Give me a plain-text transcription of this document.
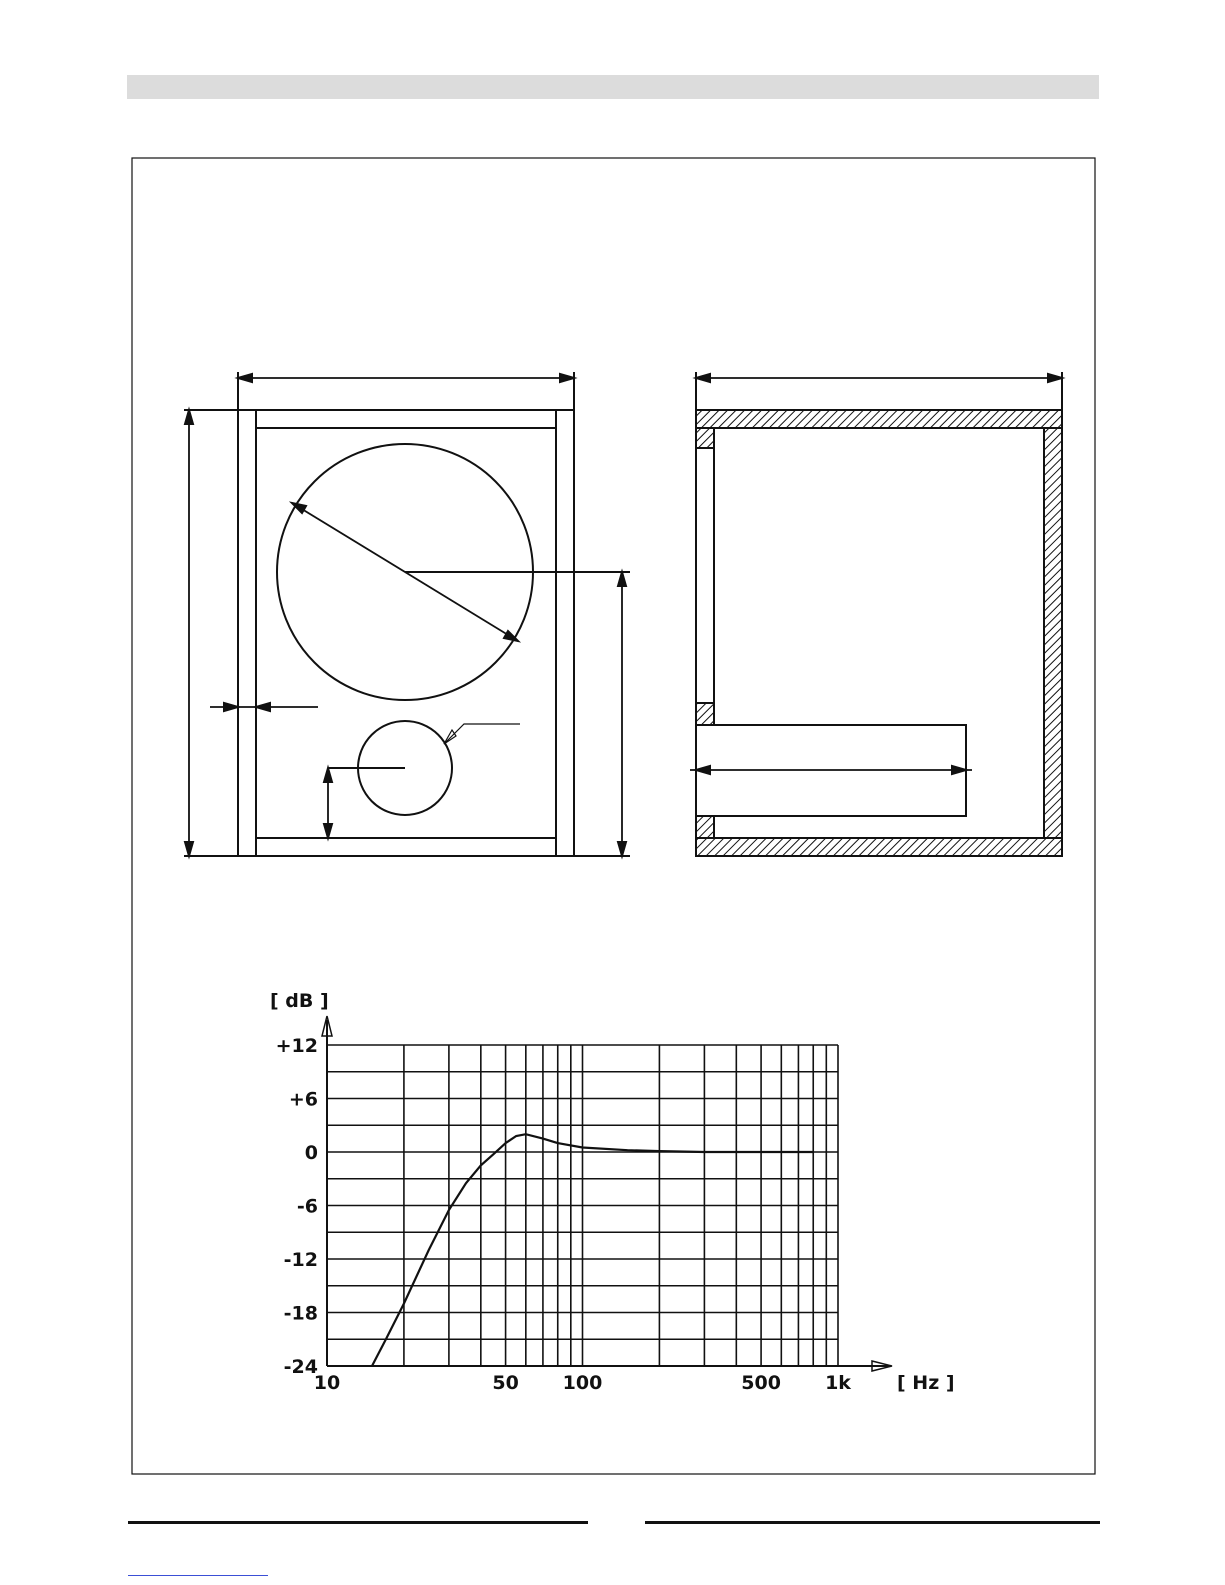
+12
+6
0
-6
-12
-18
-24
10	50 100	500 1k
[ dB ]
[ Hz ]
